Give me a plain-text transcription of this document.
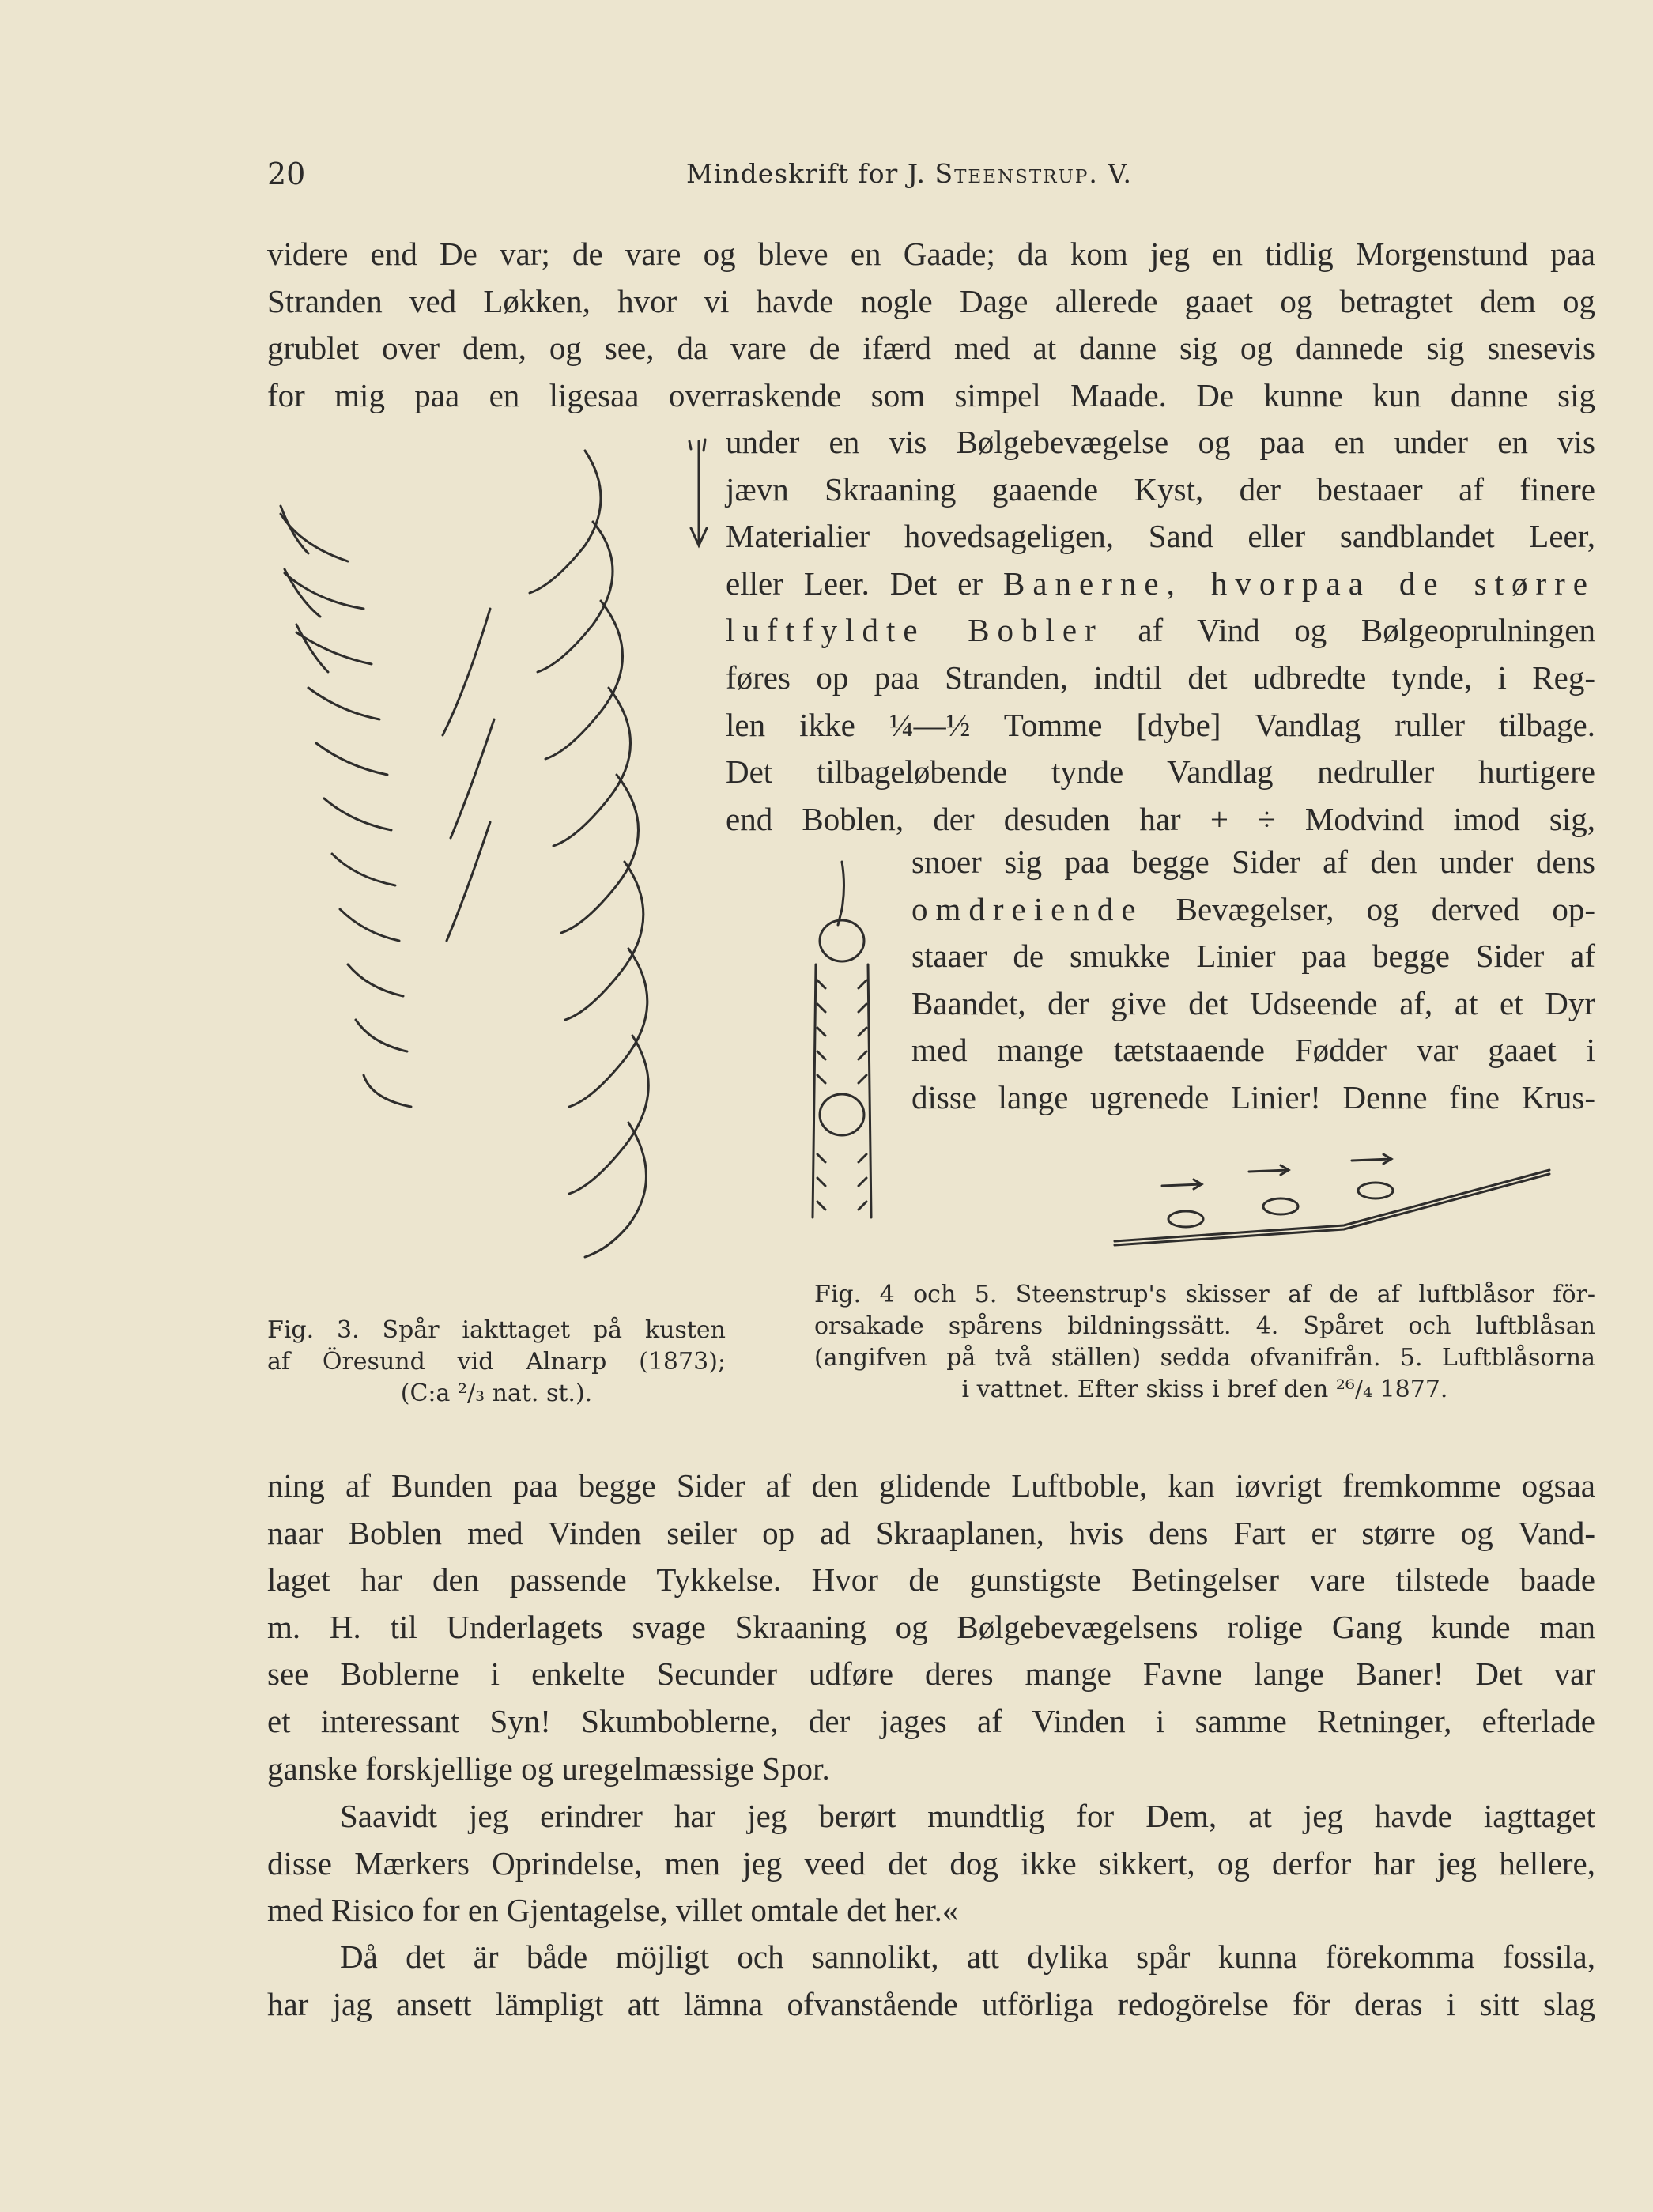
20	Mindeskrift for J. Steenstrup. V.
videre end De var; de vare og bleve en Gaade; da kom jeg en tidlig Morgenstund paa
Stranden ved Løkken, hvor vi havde nogle Dage allerede gaaet og betragtet dem og
grublet over dem, og see, da vare de ifærd med at danne sig og dannede sig snesevis
for mig paa en ligesaa overraskende som simpel Maade. De kunne kun danne sig
under en vis Bølgebevægelse og paa en under en vis
jævn Skraaning gaaende Kyst, der bestaaer af finere
Materialier hovedsageligen, Sand eller sandblandet Leer,
eller Leer. Det er Banerne, hvorpaa de større
luftfyldte Bobler af Vind og Bølgeoprulningen
føres op paa Stranden, indtil det udbredte tynde, i Reg-
len ikke ¼—½ Tomme [dybe] Vandlag ruller tilbage.
Det tilbageløbende tynde Vandlag nedruller hurtigere
end Boblen, der desuden har + ÷ Modvind imod sig,
snoer sig paa begge Sider af den under dens
omdreiende Bevægelser, og derved op-
staaer de smukke Linier paa begge Sider af
Baandet, der give det Udseende af, at et Dyr
med mange tætstaaende Fødder var gaaet i
disse lange ugrenede Linier! Denne fine Krus-
Fig. 3. Spår iakttaget på kusten
af Öresund vid Alnarp (1873);
(C:a ²/₃ nat. st.).
Fig. 4 och 5. Steenstrup's skisser af de af luftblåsor för-
orsakade spårens bildningssätt. 4. Spåret och luftblåsan
(angifven på två ställen) sedda ofvanifrån. 5. Luftblåsorna
i vattnet. Efter skiss i bref den ²⁶/₄ 1877.
ning af Bunden paa begge Sider af den glidende Luftboble, kan iøvrigt fremkomme ogsaa
naar Boblen med Vinden seiler op ad Skraaplanen, hvis dens Fart er større og Vand-
laget har den passende Tykkelse. Hvor de gunstigste Betingelser vare tilstede baade
m. H. til Underlagets svage Skraaning og Bølgebevægelsens rolige Gang kunde man
see Boblerne i enkelte Secunder udføre deres mange Favne lange Baner! Det var
et interessant Syn! Skumboblerne, der jages af Vinden i samme Retninger, efterlade
ganske forskjellige og uregelmæssige Spor.
Saavidt jeg erindrer har jeg berørt mundtlig for Dem, at jeg havde iagttaget
disse Mærkers Oprindelse, men jeg veed det dog ikke sikkert, og derfor har jeg hellere,
med Risico for en Gjentagelse, villet omtale det her.«
Då det är både möjligt och sannolikt, att dylika spår kunna förekomma fossila,
har jag ansett lämpligt att lämna ofvanstående utförliga redogörelse för deras i sitt slag
